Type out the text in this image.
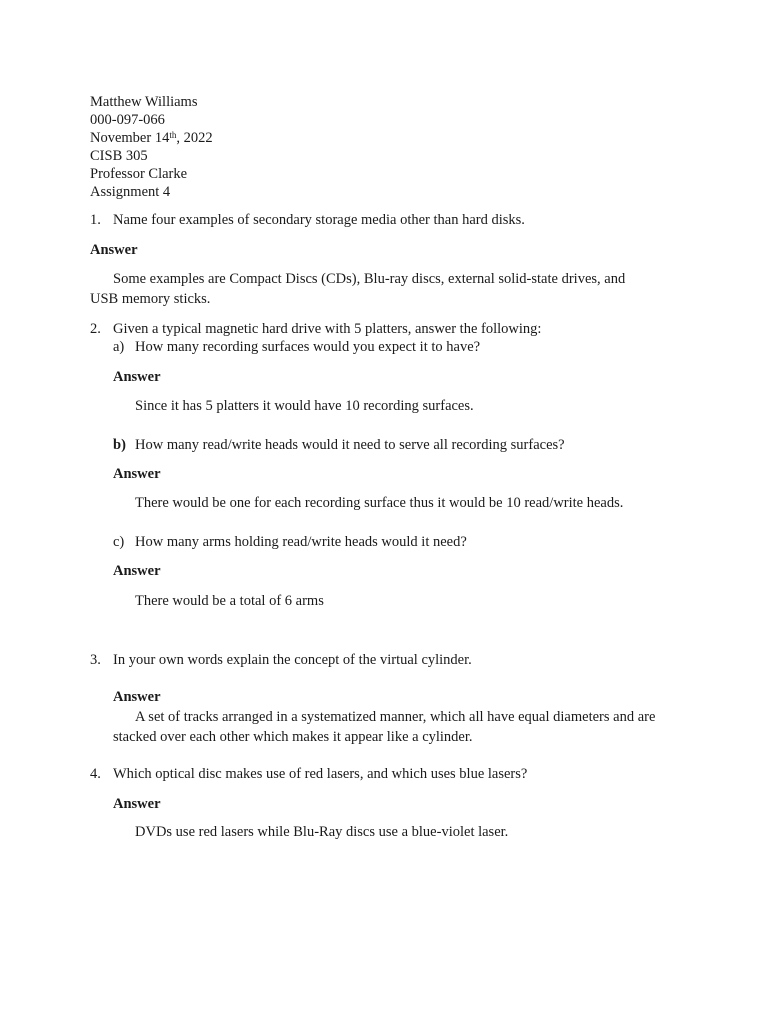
Matthew Williams
000-097-066
November 14th, 2022
CISB 305
Professor Clarke
Assignment 4
1. Name four examples of secondary storage media other than hard disks.
Answer
Some examples are Compact Discs (CDs), Blu-ray discs, external solid-state drives, and
USB memory sticks.
2. Given a typical magnetic hard drive with 5 platters, answer the following:
a) How many recording surfaces would you expect it to have?
Answer
Since it has 5 platters it would have 10 recording surfaces.
b) How many read/write heads would it need to serve all recording surfaces?
Answer
There would be one for each recording surface thus it would be 10 read/write heads.
c) How many arms holding read/write heads would it need?
Answer
There would be a total of 6 arms
3. In your own words explain the concept of the virtual cylinder.
Answer
A set of tracks arranged in a systematized manner, which all have equal diameters and are
stacked over each other which makes it appear like a cylinder.
4. Which optical disc makes use of red lasers, and which uses blue lasers?
Answer
DVDs use red lasers while Blu-Ray discs use a blue-violet laser.
